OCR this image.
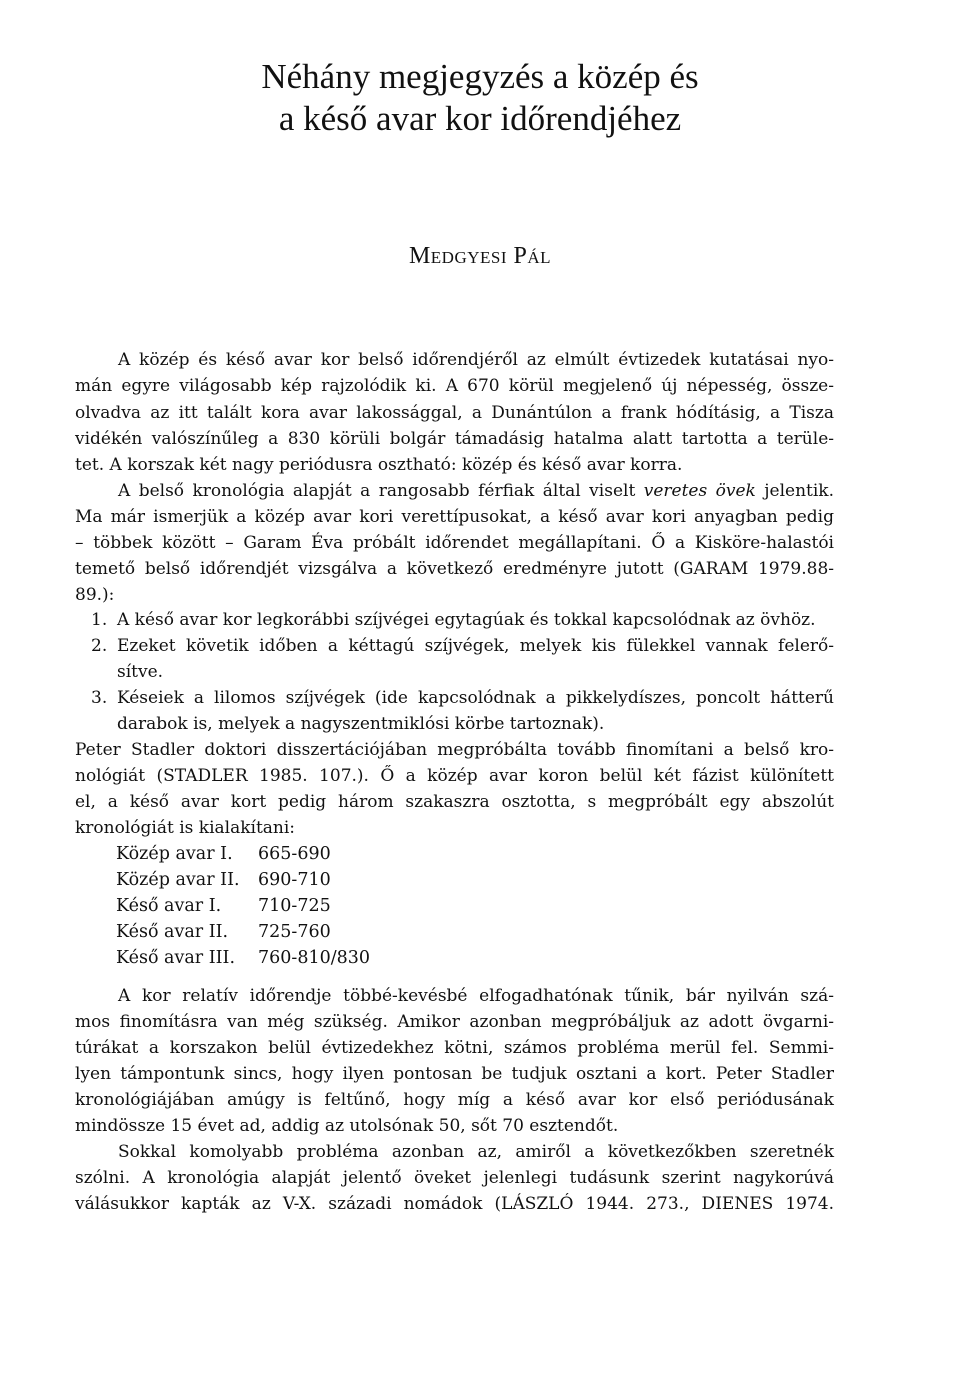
Néhány megjegyzés a közép és
a késő avar kor időrendjéhez
Medgyesi Pál
A közép és késő avar kor belső időrendjéről az elmúlt évtizedek kutatásai nyo-
mán egyre világosabb kép rajzolódik ki. A 670 körül megjelenő új népesség, össze-
olvadva az itt talált kora avar lakossággal, a Dunántúlon a frank hódításig, a Tisza
vidékén valószínűleg a 830 körüli bolgár támadásig hatalma alatt tartotta a terüle-
tet. A korszak két nagy periódusra osztható: közép és késő avar korra.
A belső kronológia alapját a rangosabb férfiak által viselt veretes övek jelentik.
Ma már ismerjük a közép avar kori verettípusokat, a késő avar kori anyagban pedig
– többek között – Garam Éva próbált időrendet megállapítani. Ő a Kisköre-halastói
temető belső időrendjét vizsgálva a következő eredményre jutott (GARAM 1979.88-
89.):
1. A késő avar kor legkorábbi szíjvégei egytagúak és tokkal kapcsolódnak az övhöz.
2. Ezeket követik időben a kéttagú szíjvégek, melyek kis fülekkel vannak felerő-
sítve.
3. Késeiek a lilomos szíjvégek (ide kapcsolódnak a pikkelydíszes, poncolt hátterű
darabok is, melyek a nagyszentmiklósi körbe tartoznak).
Peter Stadler doktori disszertációjában megpróbálta tovább finomítani a belső kro-
nológiát (STADLER 1985. 107.). Ő a közép avar koron belül két fázist különített
el, a késő avar kort pedig három szakaszra osztotta, s megpróbált egy abszolút
kronológiát is kialakítani:
Közép avar I. 665-690
Közép avar II. 690-710
Késő avar I. 710-725
Késő avar II. 725-760
Késő avar III. 760-810/830
A kor relatív időrendje többé-kevésbé elfogadhatónak tűnik, bár nyilván szá-
mos finomításra van még szükség. Amikor azonban megpróbáljuk az adott övgarni-
túrákat a korszakon belül évtizedekhez kötni, számos probléma merül fel. Semmi-
lyen támpontunk sincs, hogy ilyen pontosan be tudjuk osztani a kort. Peter Stadler
kronológiájában amúgy is feltűnő, hogy míg a késő avar kor első periódusának
mindössze 15 évet ad, addig az utolsónak 50, sőt 70 esztendőt.
Sokkal komolyabb probléma azonban az, amiről a következőkben szeretnék
szólni. A kronológia alapját jelentő öveket jelenlegi tudásunk szerint nagykorúvá
válásukkor kapták az V-X. századi nomádok (LÁSZLÓ 1944. 273., DIENES 1974.
